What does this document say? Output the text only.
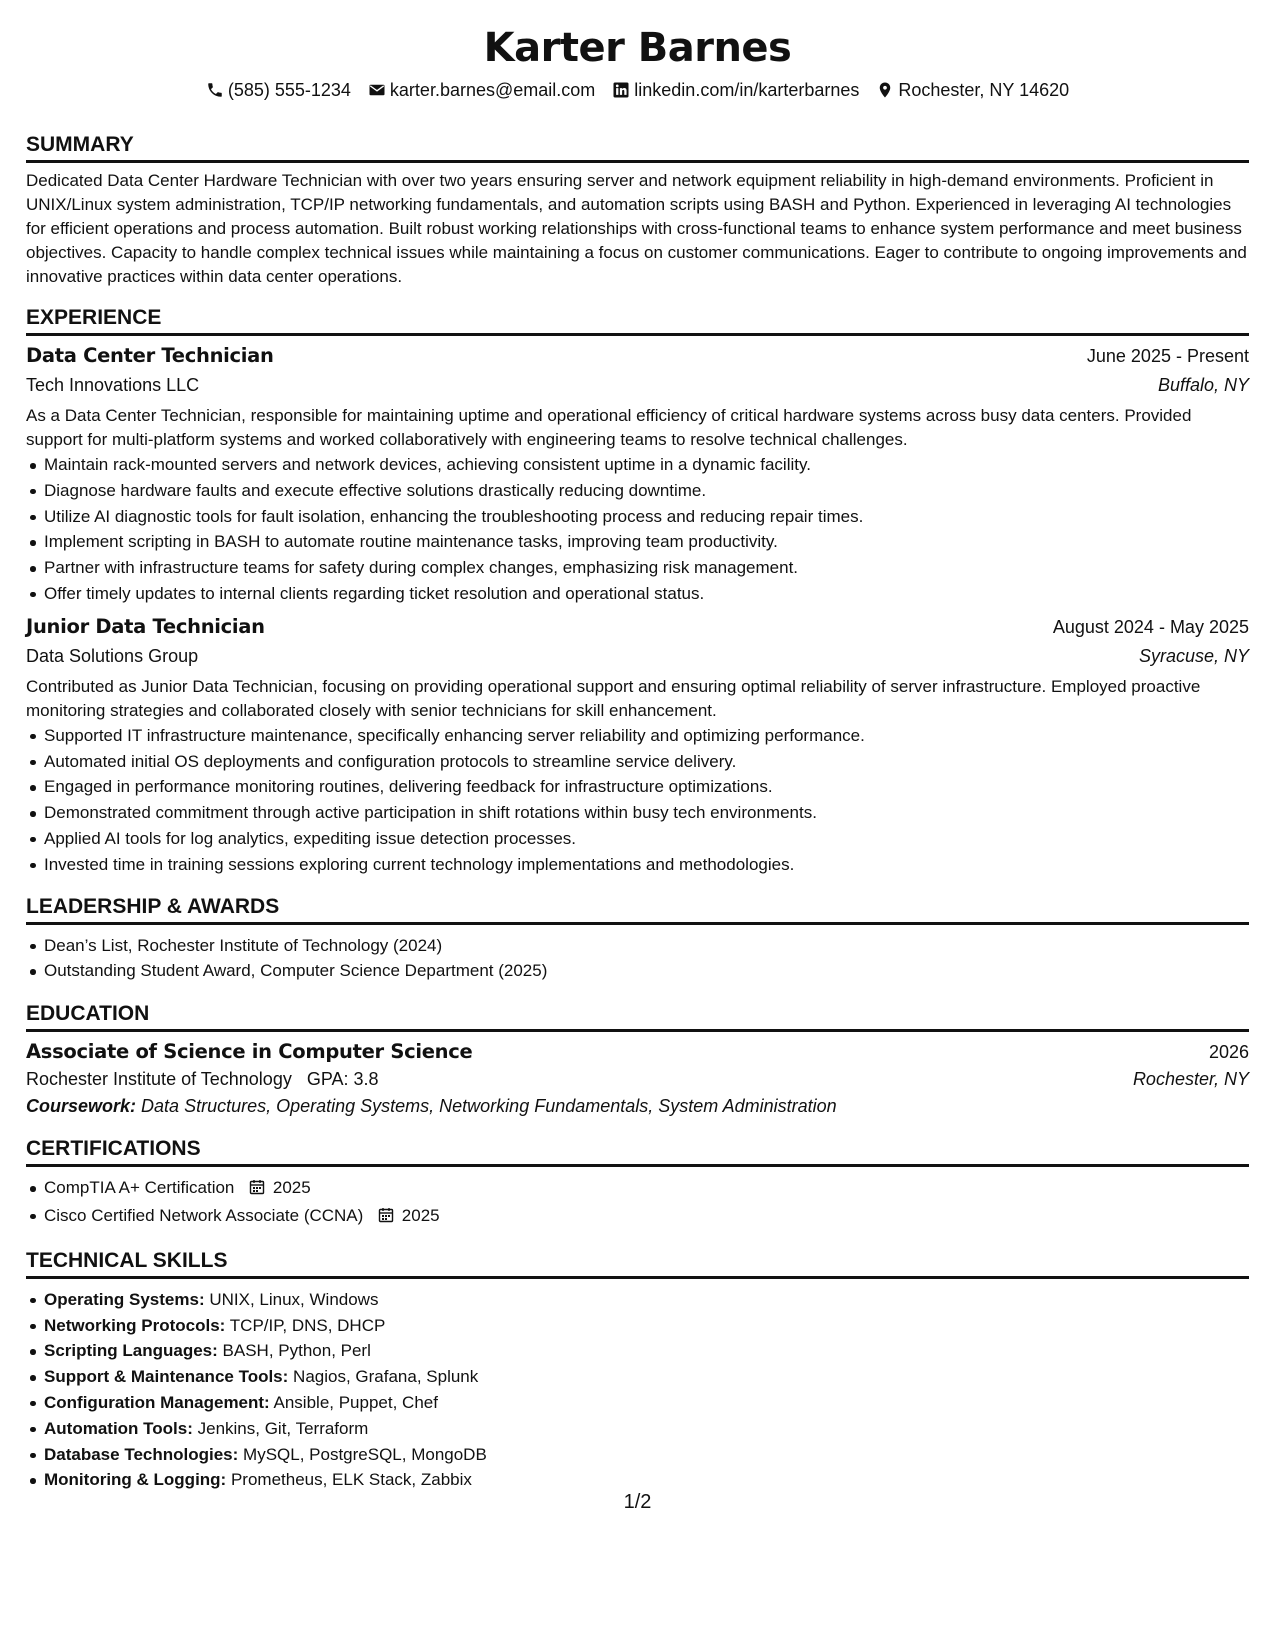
Karter Barnes
(585) 555-1234 karter.barnes@email.com linkedin.com/in/karterbarnes Rochester, NY 14620
SUMMARY

Dedicated Data Center Hardware Technician with over two years ensuring server and network equipment reliability in high-demand environments. Proficient in UNIX/Linux system administration, TCP/IP networking fundamentals, and automation scripts using BASH and Python. Experienced in leveraging AI technologies for efficient operations and process automation. Built robust working relationships with cross-functional teams to enhance system performance and meet business objectives. Capacity to handle complex technical issues while maintaining a focus on customer communications. Eager to contribute to ongoing improvements and innovative practices within data center operations.

EXPERIENCE
Data Center Technician	June 2025 - Present
Tech Innovations LLC	Buffalo, NY

As a Data Center Technician, responsible for maintaining uptime and operational efficiency of critical hardware systems across busy data centers. Provided support for multi-platform systems and worked collaboratively with engineering teams to resolve technical challenges.

Maintain rack-mounted servers and network devices, achieving consistent uptime in a dynamic facility.
Diagnose hardware faults and execute effective solutions drastically reducing downtime.
Utilize AI diagnostic tools for fault isolation, enhancing the troubleshooting process and reducing repair times.
Implement scripting in BASH to automate routine maintenance tasks, improving team productivity.
Partner with infrastructure teams for safety during complex changes, emphasizing risk management.
Offer timely updates to internal clients regarding ticket resolution and operational status.
Junior Data Technician	August 2024 - May 2025
Data Solutions Group	Syracuse, NY

Contributed as Junior Data Technician, focusing on providing operational support and ensuring optimal reliability of server infrastructure. Employed proactive monitoring strategies and collaborated closely with senior technicians for skill enhancement.

Supported IT infrastructure maintenance, specifically enhancing server reliability and optimizing performance.
Automated initial OS deployments and configuration protocols to streamline service delivery.
Engaged in performance monitoring routines, delivering feedback for infrastructure optimizations.
Demonstrated commitment through active participation in shift rotations within busy tech environments.
Applied AI tools for log analytics, expediting issue detection processes.
Invested time in training sessions exploring current technology implementations and methodologies.
LEADERSHIP & AWARDS
Dean’s List, Rochester Institute of Technology (2024)
Outstanding Student Award, Computer Science Department (2025)
EDUCATION
Associate of Science in Computer Science	2026
Rochester Institute of Technology GPA: 3.8	Rochester, NY
Coursework: Data Structures, Operating Systems, Networking Fundamentals, System Administration
CERTIFICATIONS
CompTIA A+ Certification 2025
Cisco Certified Network Associate (CCNA) 2025
TECHNICAL SKILLS
Operating Systems: UNIX, Linux, Windows
Networking Protocols: TCP/IP, DNS, DHCP
Scripting Languages: BASH, Python, Perl
Support & Maintenance Tools: Nagios, Grafana, Splunk
Configuration Management: Ansible, Puppet, Chef
Automation Tools: Jenkins, Git, Terraform
Database Technologies: MySQL, PostgreSQL, MongoDB
Monitoring & Logging: Prometheus, ELK Stack, Zabbix
1/2
